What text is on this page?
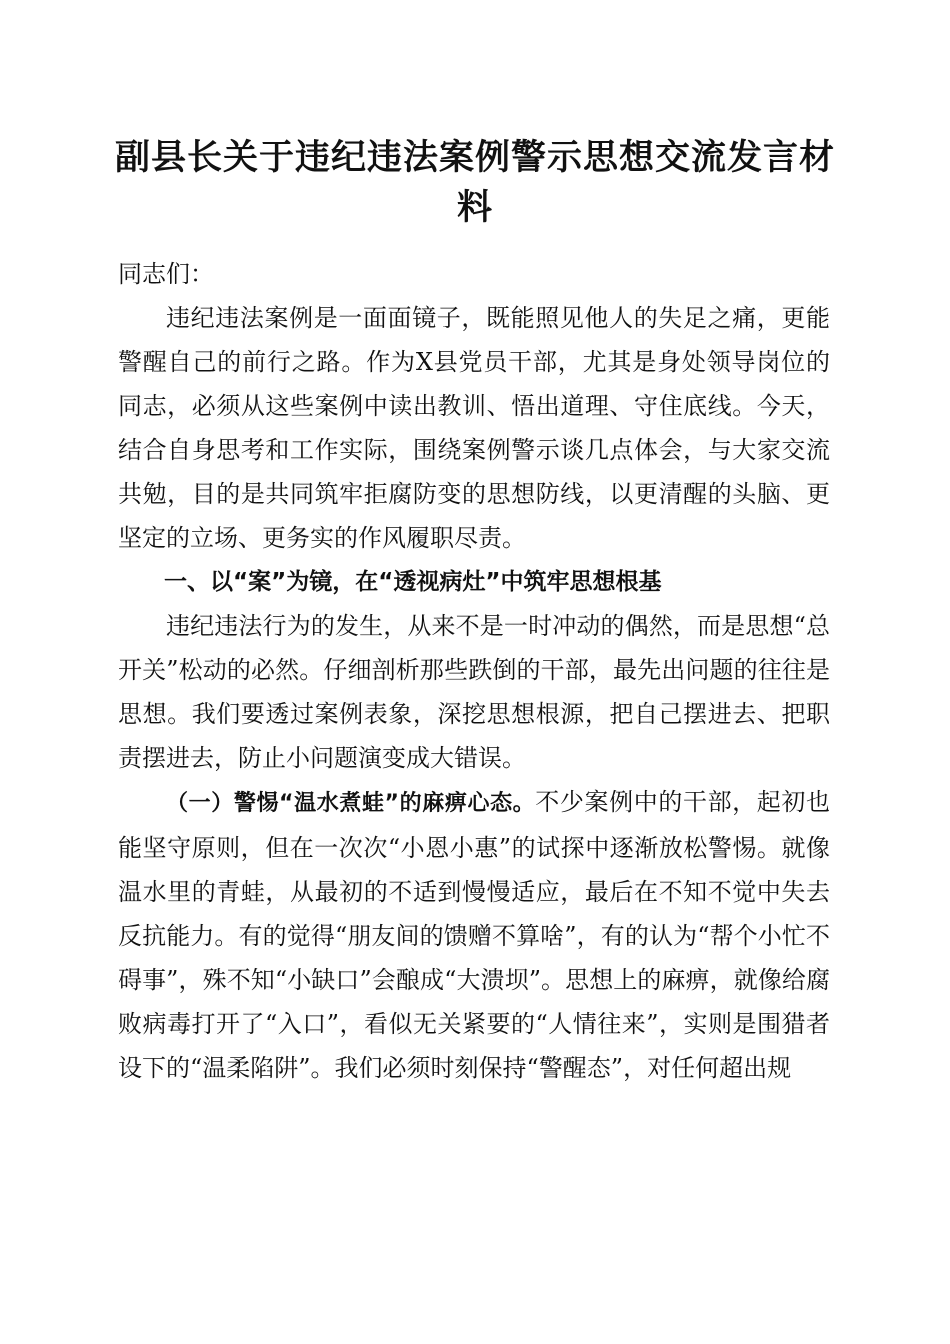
副县长关于违纪违法案例警示思想交流发言材料

同志们：

违纪违法案例是一面面镜子，既能照见他人的失足之痛，更能警醒自己的前行之路。作为X县党员干部，尤其是身处领导岗位的同志，必须从这些案例中读出教训、悟出道理、守住底线。今天，结合自身思考和工作实际，围绕案例警示谈几点体会，与大家交流共勉，目的是共同筑牢拒腐防变的思想防线，以更清醒的头脑、更坚定的立场、更务实的作风履职尽责。

一、以“案”为镜，在“透视病灶”中筑牢思想根基

违纪违法行为的发生，从来不是一时冲动的偶然，而是思想“总开关”松动的必然。仔细剖析那些跌倒的干部，最先出问题的往往是思想。我们要透过案例表象，深挖思想根源，把自己摆进去、把职责摆进去，防止小问题演变成大错误。

（一）警惕“温水煮蛙”的麻痹心态。不少案例中的干部，起初也能坚守原则，但在一次次“小恩小惠”的试探中逐渐放松警惕。就像温水里的青蛙，从最初的不适到慢慢适应，最后在不知不觉中失去反抗能力。有的觉得“朋友间的馈赠不算啥”，有的认为“帮个小忙不碍事”，殊不知“小缺口”会酿成“大溃坝”。思想上的麻痹，就像给腐败病毒打开了“入口”，看似无关紧要的“人情往来”，实则是围猎者设下的“温柔陷阱”。我们必须时刻保持“警醒态”，对任何超出规
